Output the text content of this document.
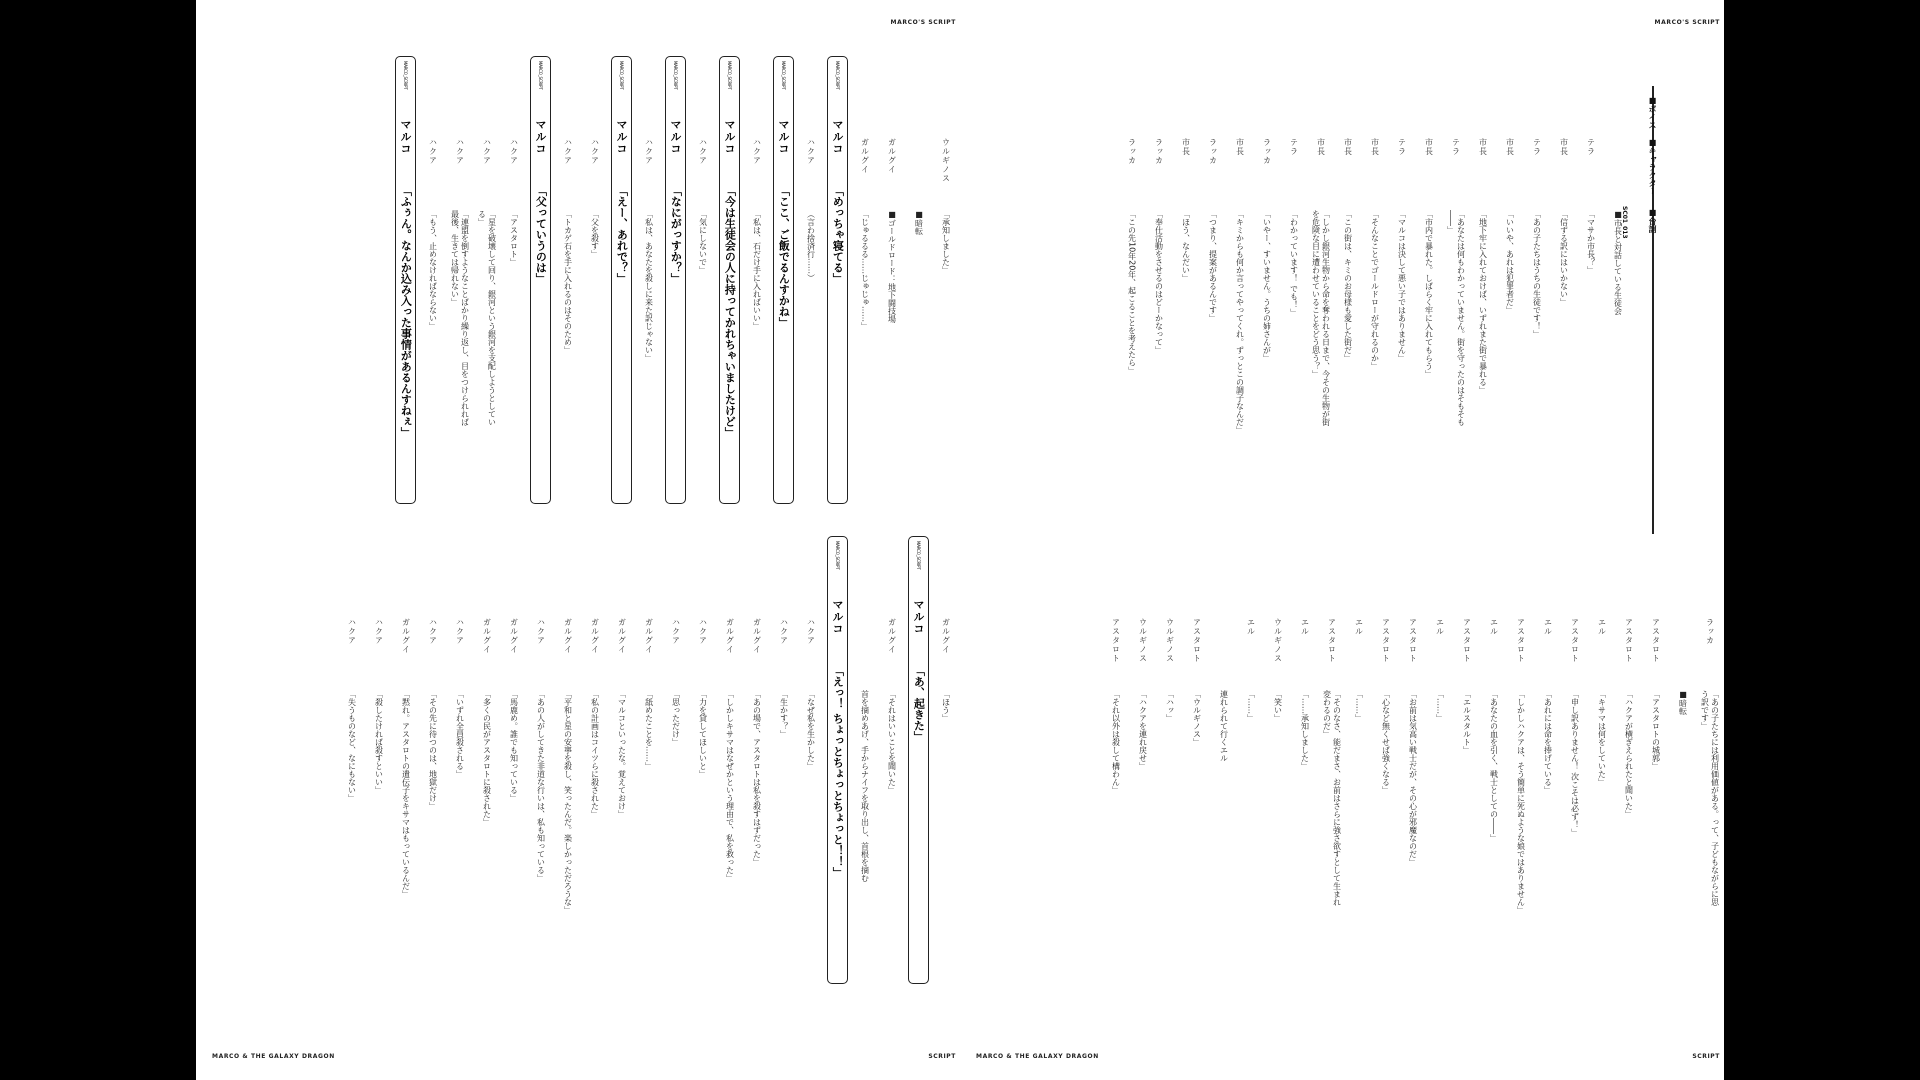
MARCO'S SCRIPT
ウルギノス
「承知しました」
■暗転
ガルグイ
■ゴールドロード：地下闘技場
ガルグイ
「じゅるるる……じゅじゅ……」
MARCO_SCRIPT
マルコ
「めっちゃ寝てる」
ハクア
（言わ捨済行……）
MARCO_SCRIPT
マルコ
「ここ、ご飯でるんすかね」
ハクア
「私は、石だけ手に入ればいい」
MARCO_SCRIPT
マルコ
「今は生徒会の人に持ってかれちゃいましたけど」
ハクア
「気にしないで」
MARCO_SCRIPT
マルコ
「なにがっすか？」
ハクア
「私は、あなたを殺しに来た訳じゃない」
MARCO_SCRIPT
マルコ
「えー、あれで？」
ハクア
「父を殺す」
ハクア
「トカゲ石を手に入れるのはそのため」
MARCO_SCRIPT
マルコ
「父っていうのは」
ハクア
「アスタロト」
ハクア
「星を破壊して回り、銀河という銀河を支配しようとしている」
ハクア
「連盟を倒すようなことばかり繰り返し、目をつけられれば最後、生きては帰れない」
ハクア
「もう、止めなければならない」
MARCO_SCRIPT
マルコ
「ふぅん。なんか込み入った事情があるんすねぇ」
ガルグイ
「ほう」
MARCO_SCRIPT
マルコ
「あ、起きた」
ガルグイ
「それはいいことを聞いた」
首を摘めあげ、手からナイフを取り出し、首根を摘む
MARCO_SCRIPT
マルコ
「えっ！ ちょっとちょっとちょっと！！」
ハクア
「なぜ私を生かした」
ハクア
「生かす？」
ガルグイ
「あの場で、アスタロトは私を殺すはずだった」
ガルグイ
「しかしキサマはなぜかという理由で、私を救った」
ハクア
「力を貸してほしいと」
ハクア
「思っただけ」
ガルグイ
「舐めたことを……」
ガルグイ
「マルコといったな。覚えておけ」
ガルグイ
「私の計画はコイツらに殺された」
ガルグイ
「平和と星の安寧を殺し、笑ったんだ。楽しかっただろうな」
ハクア
「あの人がしてきた非道な行いは、私も知っている」
ガルグイ
「馬鹿め。誰でも知っている」
ガルグイ
「多くの民がアスタロトに殺された」
ハクア
「いずれ全員殺される」
ハクア
「その先に待つのは、地獄だけ」
ガルグイ
「黙れ。アスタロトの遺伝子をキサマはもっているんだ」
ハクア
「殺したければ殺すといい」
ハクア
「失うものなど、なにもない」
MARCO & THE GALAXY DRAGON	SCRIPT
MARCO'S SCRIPT
■ボイス
■キャラクター
■台詞
SC01_013
■市長と対話している生徒会
テラ
「マサか市長？」
市長
「信ずる訳にはいかない」
テラ
「あの子たちはうちの生徒です！」
市長
「いいや、あれは犯罪者だ」
市長
「地下牢に入れておけば、いずれまた街で暴れる」
テラ
「あなたは何もわかっていません。街を守ったのはそもそも――」
市長
「市内で暴れた。しばらく牢に入れてもらう」
テラ
「マルコは決して悪い子ではありません」
市長
「そんなことでゴールドローが守れるのか」
市長
「この街は、キミのお母様も愛した街だ」
市長
「しかし銀河生物から命を奪われる日まで、今その生物が街を危険な目に遭わせていることをどう思う？」
テラ
「わかっています！ でも！」
ラッカ
「いやー、すいません。うちの姉さんが」
市長
「キミからも何か言ってやってくれ。ずっとこの調子なんだ」
ラッカ
「つまり、提案があるんです」
市長
「ほう、なんだい」
ラッカ
「奉仕活動をさせるのはどーかなって」
ラッカ
「この先10年20年、起こることを考えたら」
ラッカ
「あの子たちには利用価値がある。って、子どもながらに思う訳です」
■暗転
アスタロト
「アスタロトの城郭」
アスタロト
「ハクアが横ぎえられたと聞いた」
エル
「キサマは何をしていた」
アスタロト
「申し訳ありません！ 次こそは必ず！」
エル
「あれには命を捧げている」
アスタロト
「しかしハクアは、そう簡単に死ぬような娘ではありません」
エル
「あなたの血を引く、戦士としての――」
アスタロト
「エルスタルト」
エル
「……」
アスタロト
「お前は気高い戦士だが、その心が邪魔なのだ」
アスタロト
「心など無くせば強くなる」
エル
「……」
アスタロト
「そのなさ、能だまさ、お前はさらに強さ欲すとして生まれ変わるのだ」
エル
「……承知しました」
ウルギノス
「笑い」
エル
「……」
連れられて行くエル
アスタロト
「ウルギノス」
ウルギノス
「ハッ」
ウルギノス
「ハクアを連れ戻せ」
アスタロト
「それ以外は殺して構わん」
MARCO & THE GALAXY DRAGON	SCRIPT
